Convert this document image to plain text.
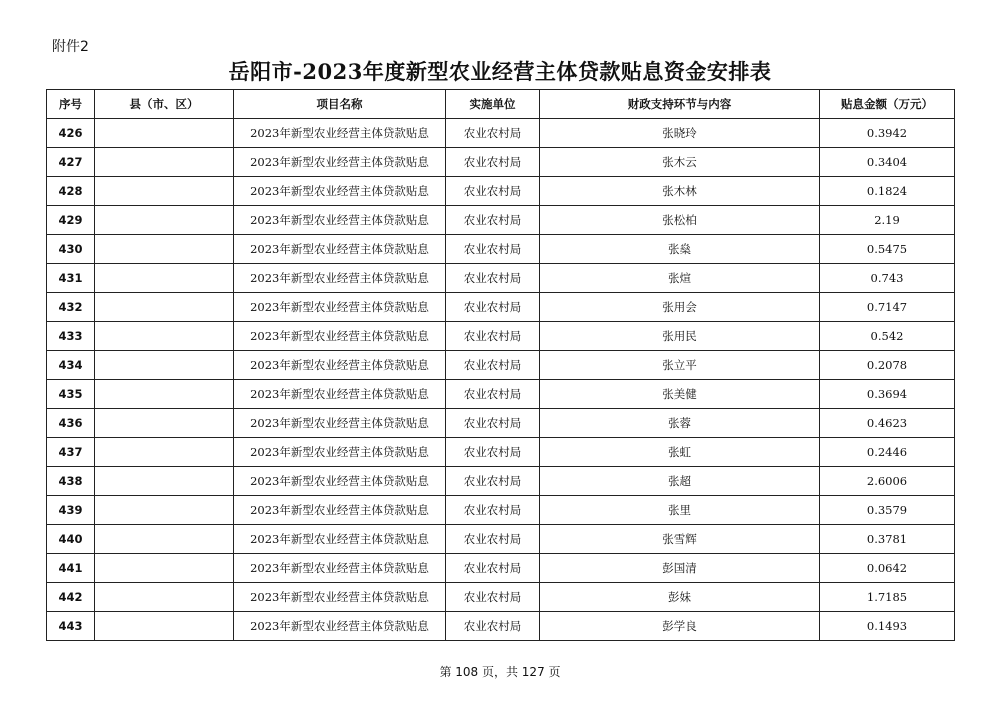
附件2
岳阳市-2023年度新型农业经营主体贷款贴息资金安排表
序号	县（市、区）	项目名称	实施单位	财政支持环节与内容	贴息金额（万元）
426		2023年新型农业经营主体贷款贴息	农业农村局	张晓玲	0.3942
427		2023年新型农业经营主体贷款贴息	农业农村局	张木云	0.3404
428		2023年新型农业经营主体贷款贴息	农业农村局	张木林	0.1824
429		2023年新型农业经营主体贷款贴息	农业农村局	张松柏	2.19
430		2023年新型农业经营主体贷款贴息	农业农村局	张燊	0.5475
431		2023年新型农业经营主体贷款贴息	农业农村局	张煊	0.743
432		2023年新型农业经营主体贷款贴息	农业农村局	张用会	0.7147
433		2023年新型农业经营主体贷款贴息	农业农村局	张用民	0.542
434		2023年新型农业经营主体贷款贴息	农业农村局	张立平	0.2078
435		2023年新型农业经营主体贷款贴息	农业农村局	张美健	0.3694
436		2023年新型农业经营主体贷款贴息	农业农村局	张蓉	0.4623
437		2023年新型农业经营主体贷款贴息	农业农村局	张虹	0.2446
438		2023年新型农业经营主体贷款贴息	农业农村局	张超	2.6006
439		2023年新型农业经营主体贷款贴息	农业农村局	张里	0.3579
440		2023年新型农业经营主体贷款贴息	农业农村局	张雪辉	0.3781
441		2023年新型农业经营主体贷款贴息	农业农村局	彭国清	0.0642
442		2023年新型农业经营主体贷款贴息	农业农村局	彭妹	1.7185
443		2023年新型农业经营主体贷款贴息	农业农村局	彭学良	0.1493
第 108 页，共 127 页
